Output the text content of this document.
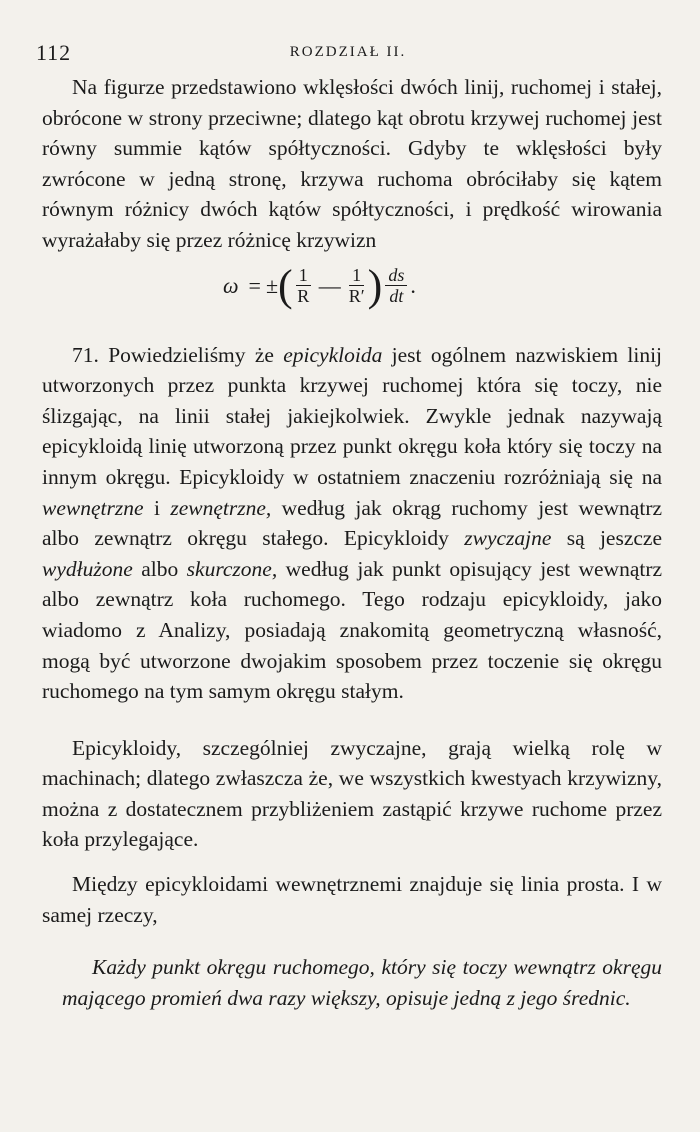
112	ROZDZIAŁ II.

Na figurze przedstawiono wklęsłości dwóch linij, ruchomej i stałej, obrócone w strony przeciwne; dlatego kąt obrotu krzywej ruchomej jest równy summie kątów spółtyczności. Gdyby te wklęsłości były zwrócone w jedną stronę, krzywa ruchoma obróciłaby się kątem równym różnicy dwóch kątów spółtyczności, i prędkość wirowania wyrażałaby się przez różnicę krzywizn

ω = ± ( $\frac{1}{R}$ — $\frac{1}{R'}$ ) $\frac{ds}{dt}$ .

71. Powiedzieliśmy że epicykloida jest ogólnem nazwiskiem linij utworzonych przez punkta krzywej ruchomej która się toczy, nie ślizgając, na linii stałej jakiejkolwiek. Zwykle jednak nazywają epicykloidą linię utworzoną przez punkt okręgu koła który się toczy na innym okręgu. Epicykloidy w ostatniem znaczeniu rozróżniają się na wewnętrzne i zewnętrzne, według jak okrąg ruchomy jest wewnątrz albo zewnątrz okręgu stałego. Epicykloidy zwyczajne są jeszcze wydłużone albo skurczone, według jak punkt opisujący jest wewnątrz albo zewnątrz koła ruchomego. Tego rodzaju epicykloidy, jako wiadomo z Analizy, posiadają znakomitą geometryczną własność, mogą być utworzone dwojakim sposobem przez toczenie się okręgu ruchomego na tym samym okręgu stałym.

Epicykloidy, szczególniej zwyczajne, grają wielką rolę w machinach; dlatego zwłaszcza że, we wszystkich kwestyach krzywizny, można z dostatecznem przybliżeniem zastąpić krzywe ruchome przez koła przylegające.

Między epicykloidami wewnętrznemi znajduje się linia prosta. I w samej rzeczy,

Każdy punkt okręgu ruchomego, który się toczy wewnątrz okręgu mającego promień dwa razy większy, opisuje jedną z jego średnic.
